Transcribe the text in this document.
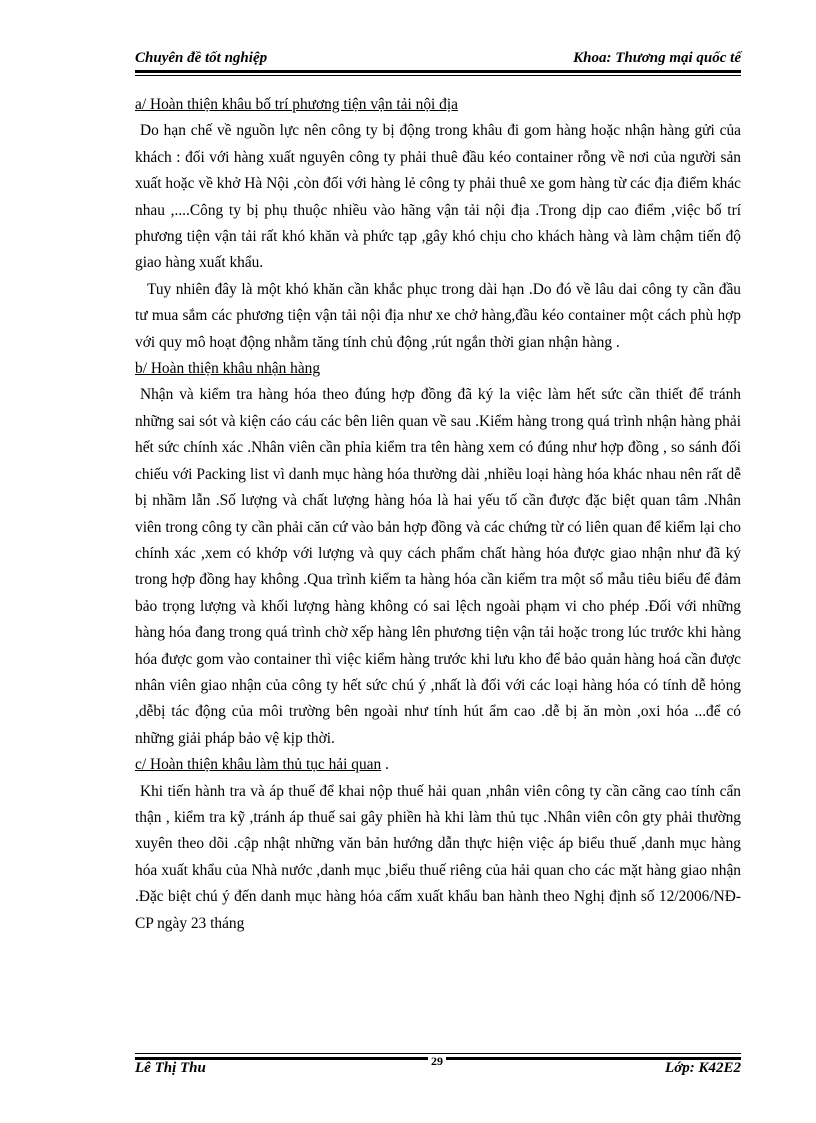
Chuyên đề tốt nghiệp	Khoa: Thương mại quốc tế

a/ Hoàn thiện khâu bố trí phương tiện vận tải nội địa

Do hạn chế về nguồn lực nên công ty bị động trong khâu đi gom hàng hoặc nhận hàng gửi của khách : đối với hàng xuất nguyên công ty phải thuê đầu kéo container rỗng về nơi của người sản xuất hoặc về khở Hà Nội ,còn đối với hàng lẻ công ty phải thuê xe gom hàng từ các địa điểm khác nhau ,....Công ty bị phụ thuộc nhiều vào hãng vận tải nội địa .Trong dịp cao điểm ,việc bố trí phương tiện vận tải rất khó khăn và phức tạp ,gây khó chịu cho khách hàng và làm chậm tiến độ giao hàng xuất khẩu.

Tuy nhiên đây là một khó khăn cần khắc phục trong dài hạn .Do đó về lâu dai công ty cần đầu tư mua sắm các phương tiện vận tải nội địa như xe chở hàng,đầu kéo container một cách phù hợp với quy mô hoạt động nhằm tăng tính chủ động ,rút ngắn thời gian nhận hàng .

b/ Hoàn thiện khâu nhận hàng

Nhận và kiểm tra hàng hóa theo đúng hợp đồng đã ký la việc làm hết sức cần thiết để tránh những sai sót và kiện cáo cáu các bên liên quan về sau .Kiểm hàng trong quá trình nhận hàng phải hết sức chính xác .Nhân viên cần phỉa kiểm tra tên hàng xem có đúng như hợp đồng , so sánh đối chiếu với Packing list vì danh mục hàng hóa thường dài ,nhiều loại hàng hóa khác nhau nên rất dễ bị nhầm lẫn .Số lượng và chất lượng hàng hóa là hai yếu tố cần được đặc biệt quan tâm .Nhân viên trong công ty cần phải căn cứ vào bản hợp đồng và các chứng từ có liên quan để kiểm lại cho chính xác ,xem có khớp với lượng và quy cách phẩm chất hàng hóa được giao nhận như đã ký trong hợp đồng hay không .Qua trình kiểm ta hàng hóa cần kiểm tra một số mẫu tiêu biểu để đảm bảo trọng lượng và khối lượng hàng không có sai lệch ngoài phạm vi cho phép .Đối với những hàng hóa đang trong quá trình chờ xếp hàng lên phương tiện vận tải hoặc trong lúc trước khi hàng hóa được gom vào container thì việc kiểm hàng trước khi lưu kho để bảo quản hàng hoá cần được nhân viên giao nhận của công ty hết sức chú ý ,nhất là đối với các loại hàng hóa có tính dễ hỏng ,dễbị tác động của môi trường bên ngoài như tính hút ẩm cao .dễ bị ăn mòn ,oxi hóa ...để có những giải pháp bảo vệ kịp thời.

c/ Hoàn thiện khâu làm thủ tục hải quan .

Khi tiến hành tra và áp thuế để khai nộp thuế hải quan ,nhân viên công ty cần cãng cao tính cẩn thận , kiểm tra kỹ ,tránh áp thuế sai gây phiền hà khi làm thủ tục .Nhân viên côn gty phải thường xuyên theo dõi .cập nhật những văn bản hướng dẫn thực hiện việc áp biểu thuế ,danh mục hàng hóa xuất khẩu của Nhà nước ,danh mục ,biểu thuế riêng của hải quan cho các mặt hàng giao nhận .Đặc biệt chú ý đến danh mục hàng hóa cấm xuất khẩu ban hành theo Nghị định số 12/2006/NĐ-CP ngày 23 tháng

29
Lê Thị Thu	Lớp: K42E2
